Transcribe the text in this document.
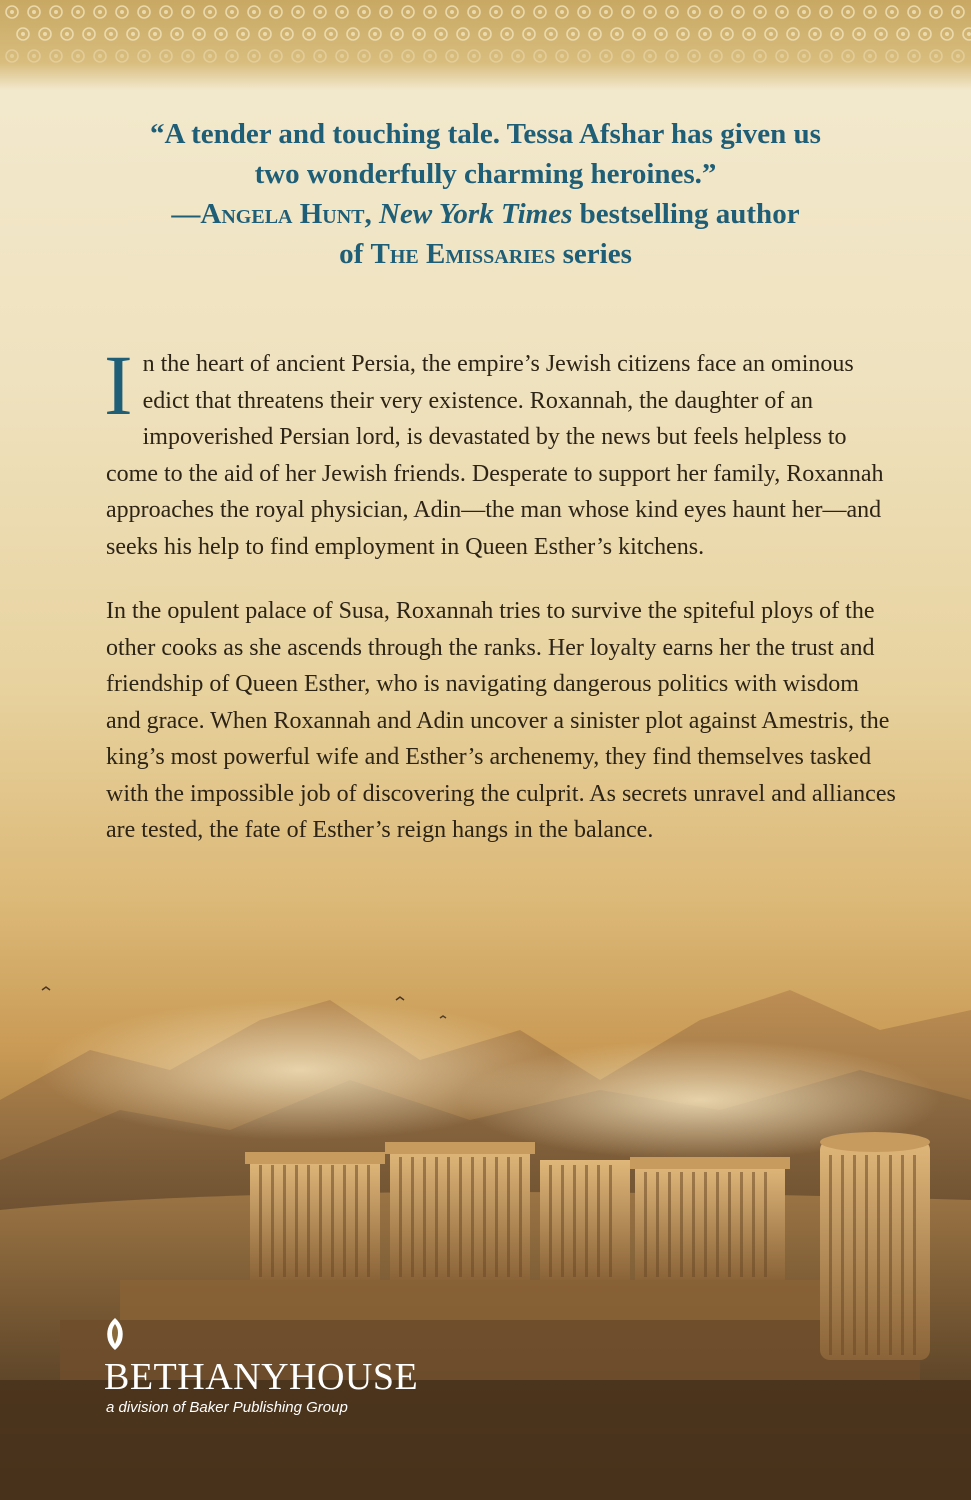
“A tender and touching tale. Tessa Afshar has given us

two wonderfully charming heroines.”

—Angela Hunt, New York Times bestselling author

of The Emissaries series

In the heart of ancient Persia, the empire’s Jewish citizens face an ominous edict that threatens their very existence. Roxannah, the daughter of an impoverished Persian lord, is devastated by the news but feels helpless to come to the aid of her Jewish friends. Desperate to support her family, Roxannah approaches the royal physician, Adin—the man whose kind eyes haunt her—and seeks his help to find employment in Queen Esther’s kitchens.

In the opulent palace of Susa, Roxannah tries to survive the spiteful ploys of the other cooks as she ascends through the ranks. Her loyalty earns her the trust and friendship of Queen Esther, who is navigating dangerous politics with wisdom and grace. When Roxannah and Adin uncover a sinister plot against Amestris, the king’s most powerful wife and Esther’s archenemy, they find themselves tasked with the impossible job of discovering the culprit. As secrets unravel and alliances are tested, the fate of Esther’s reign hangs in the balance.

BETHANYHOUSE
a division of Baker Publishing Group
